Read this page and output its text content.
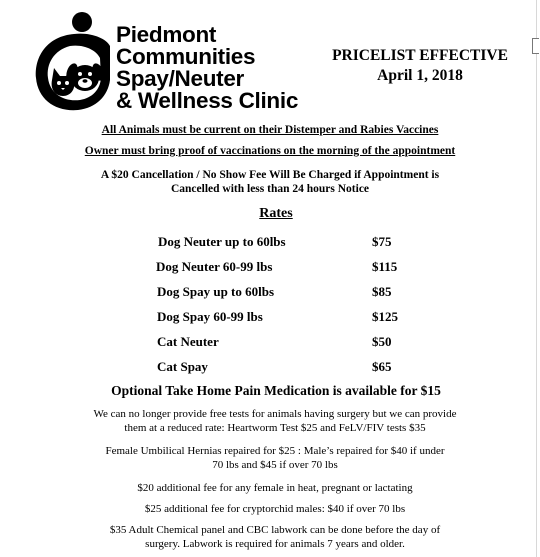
Piedmont
Communities
Spay/Neuter
& Wellness Clinic
PRICELIST EFFECTIVE
April 1, 2018
All Animals must be current on their Distemper and Rabies Vaccines
Owner must bring proof of vaccinations on the morning of the appointment
A $20 Cancellation / No Show Fee Will Be Charged if Appointment is
Cancelled with less than 24 hours Notice
Rates
Dog Neuter up to 60lbs	$75
Dog Neuter 60-99 lbs	$115
Dog Spay up to 60lbs	$85
Dog Spay 60-99 lbs	$125
Cat Neuter	$50
Cat Spay	$65
Optional Take Home Pain Medication is available for $15
We can no longer provide free tests for animals having surgery but we can provide
them at a reduced rate: Heartworm Test $25 and FeLV/FIV tests $35
Female Umbilical Hernias repaired for $25 : Male’s repaired for $40 if under
70 lbs and $45 if over 70 lbs
$20 additional fee for any female in heat, pregnant or lactating
$25 additional fee for cryptorchid males: $40 if over 70 lbs
$35 Adult Chemical panel and CBC labwork can be done before the day of
surgery. Labwork is required for animals 7 years and older.
